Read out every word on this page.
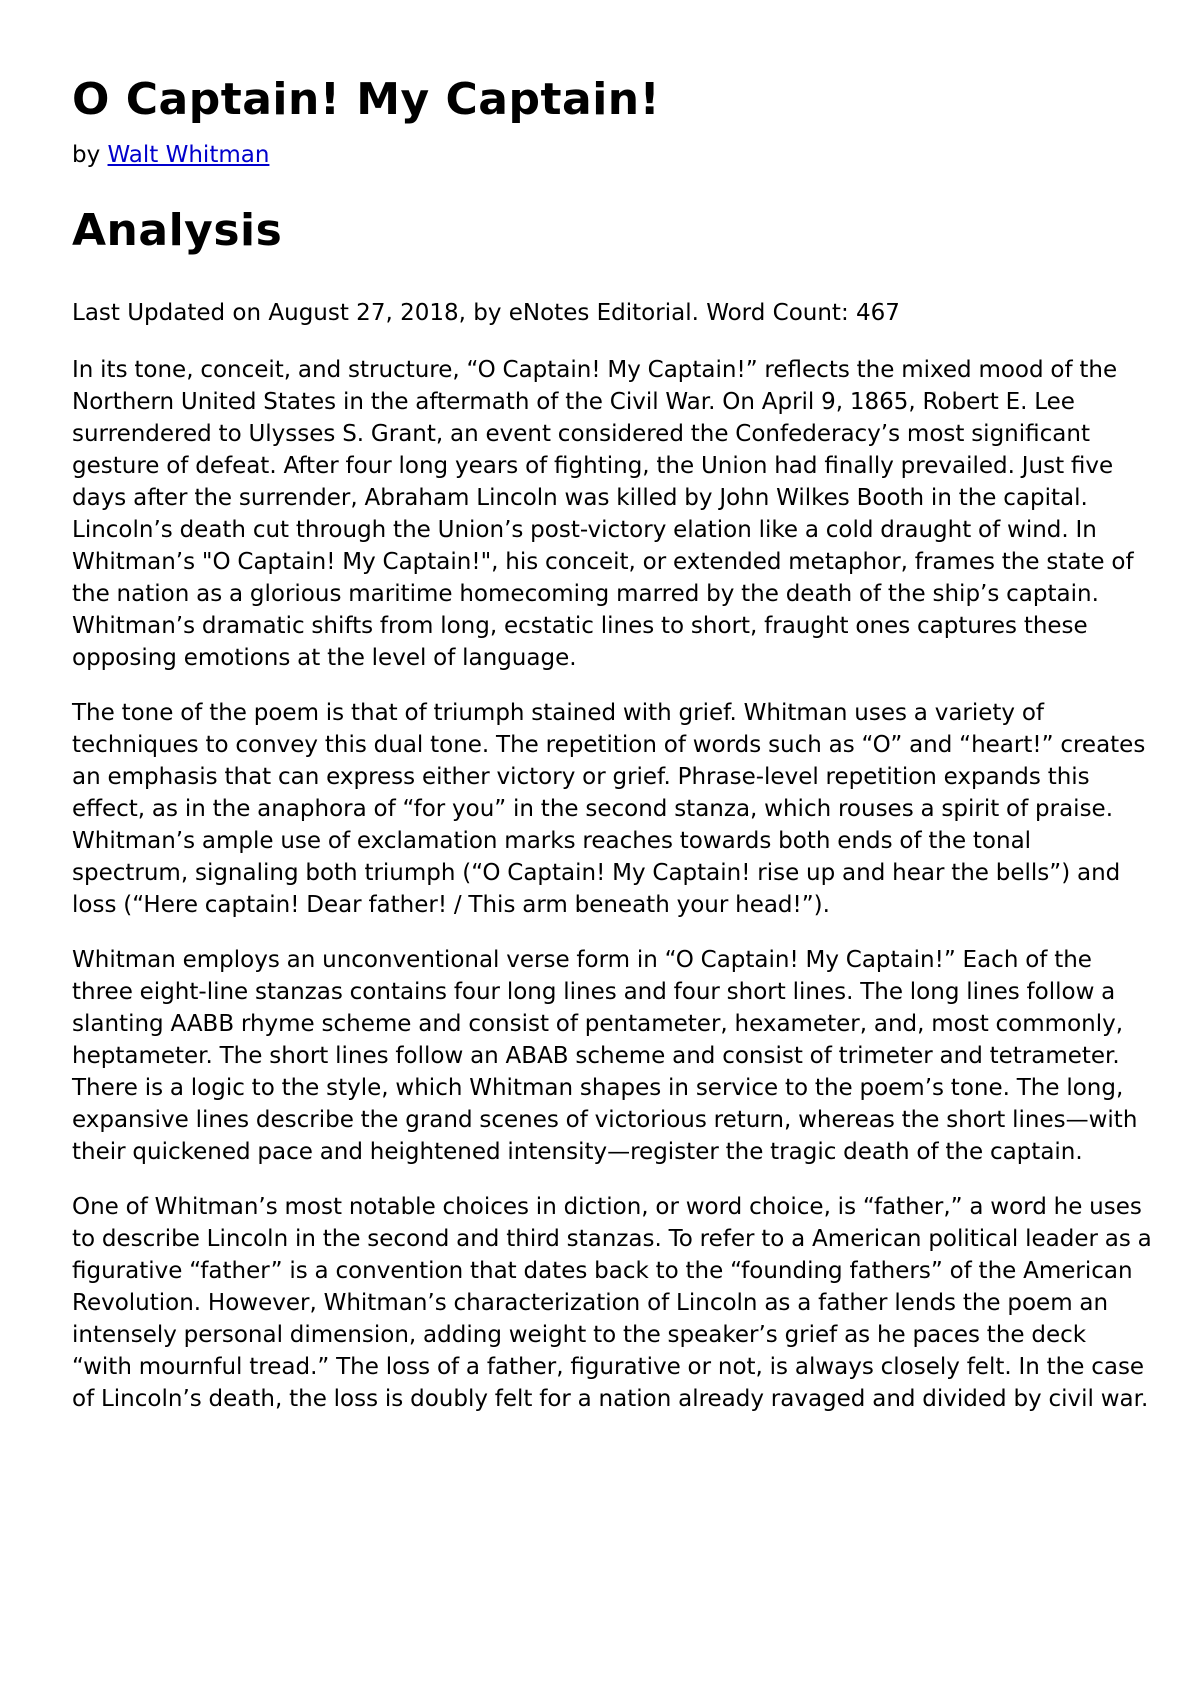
O Captain! My Captain!

by Walt Whitman

Analysis

Last Updated on August 27, 2018, by eNotes Editorial. Word Count: 467

In its tone, conceit, and structure, “O Captain! My Captain!” reflects the mixed mood of the Northern United States in the aftermath of the Civil War. On April 9, 1865, Robert E. Lee surrendered to Ulysses S. Grant, an event considered the Confederacy’s most significant gesture of defeat. After four long years of fighting, the Union had finally prevailed. Just five days after the surrender, Abraham Lincoln was killed by John Wilkes Booth in the capital. Lincoln’s death cut through the Union’s post-victory elation like a cold draught of wind. In Whitman’s "O Captain! My Captain!", his conceit, or extended metaphor, frames the state of the nation as a glorious maritime homecoming marred by the death of the ship’s captain. Whitman’s dramatic shifts from long, ecstatic lines to short, fraught ones captures these opposing emotions at the level of language.

The tone of the poem is that of triumph stained with grief. Whitman uses a variety of techniques to convey this dual tone. The repetition of words such as “O” and “heart!” creates an emphasis that can express either victory or grief. Phrase-level repetition expands this effect, as in the anaphora of “for you” in the second stanza, which rouses a spirit of praise. Whitman’s ample use of exclamation marks reaches towards both ends of the tonal spectrum, signaling both triumph (“O Captain! My Captain! rise up and hear the bells”) and loss (“Here captain! Dear father! / This arm beneath your head!”).

Whitman employs an unconventional verse form in “O Captain! My Captain!” Each of the three eight-line stanzas contains four long lines and four short lines. The long lines follow a slanting AABB rhyme scheme and consist of pentameter, hexameter, and, most commonly, heptameter. The short lines follow an ABAB scheme and consist of trimeter and tetrameter. There is a logic to the style, which Whitman shapes in service to the poem’s tone. The long, expansive lines describe the grand scenes of victorious return, whereas the short lines—with their quickened pace and heightened intensity—register the tragic death of the captain.

One of Whitman’s most notable choices in diction, or word choice, is “father,” a word he uses to describe Lincoln in the second and third stanzas. To refer to a American political leader as a figurative “father” is a convention that dates back to the “founding fathers” of the American Revolution. However, Whitman’s characterization of Lincoln as a father lends the poem an intensely personal dimension, adding weight to the speaker’s grief as he paces the deck “with mournful tread.” The loss of a father, figurative or not, is always closely felt. In the case of Lincoln’s death, the loss is doubly felt for a nation already ravaged and divided by civil war.
